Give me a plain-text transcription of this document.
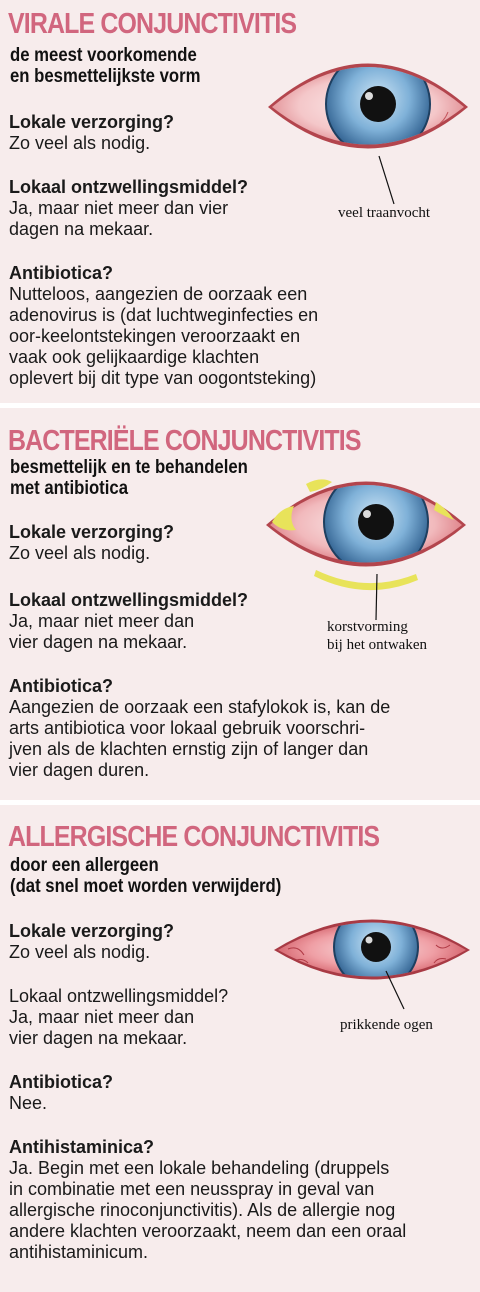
VIRALE CONJUNCTIVITIS
de meest voorkomende
en besmettelijkste vorm
Lokale verzorging?
Zo veel als nodig.
Lokaal ontzwellingsmiddel?
Ja, maar niet meer dan vier
dagen na mekaar.
Antibiotica?
Nutteloos, aangezien de oorzaak een
adenovirus is (dat luchtweginfecties en
oor-keelontstekingen veroorzaakt en
vaak ook gelijkaardige klachten
oplevert bij dit type van oogontsteking)
veel traanvocht
BACTERIËLE CONJUNCTIVITIS
besmettelijk en te behandelen
met antibiotica
Lokale verzorging?
Zo veel als nodig.
Lokaal ontzwellingsmiddel?
Ja, maar niet meer dan
vier dagen na mekaar.
Antibiotica?
Aangezien de oorzaak een stafylokok is, kan de
arts antibiotica voor lokaal gebruik voorschri-
jven als de klachten ernstig zijn of langer dan
vier dagen duren.
korstvorming
bij het ontwaken
ALLERGISCHE CONJUNCTIVITIS
door een allergeen
(dat snel moet worden verwijderd)
Lokale verzorging?
Zo veel als nodig.
Lokaal ontzwellingsmiddel?
Ja, maar niet meer dan
vier dagen na mekaar.
Antibiotica?
Nee.
Antihistaminica?
Ja. Begin met een lokale behandeling (druppels
in combinatie met een neusspray in geval van
allergische rinoconjunctivitis). Als de allergie nog
andere klachten veroorzaakt, neem dan een oraal
antihistaminicum.
prikkende ogen
